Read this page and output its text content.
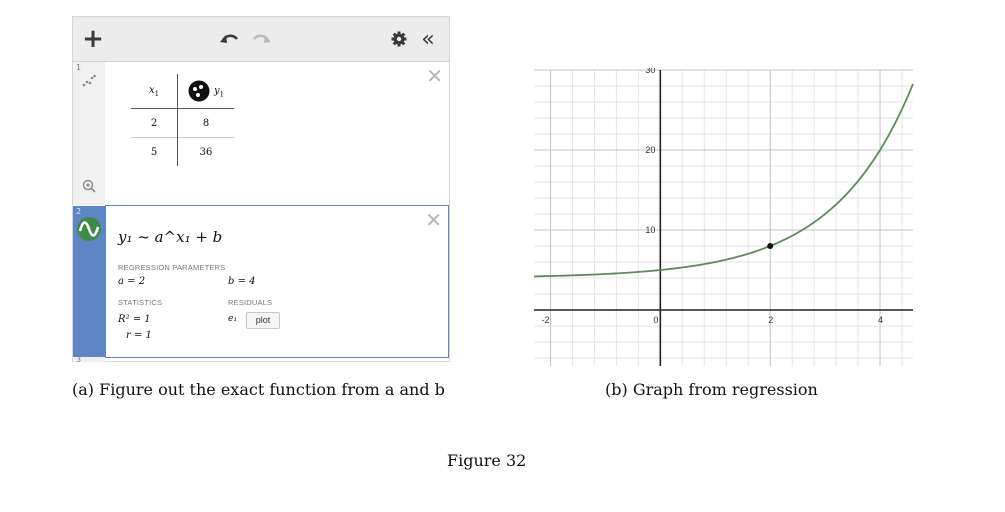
+	«
1
2
3
✕
$x_1$	$y_1$
2	8
5	36
✕
y₁ ~ a^x₁ + b
REGRESSION PARAMETERS
a = 2	b = 4
STATISTICS	RESIDUALS
R² = 1
r = 1
e₁	plot	-2	0	2	4
10
20
30
(a) Figure out the exact function from a and b	(b) Graph from regression
Figure 32
